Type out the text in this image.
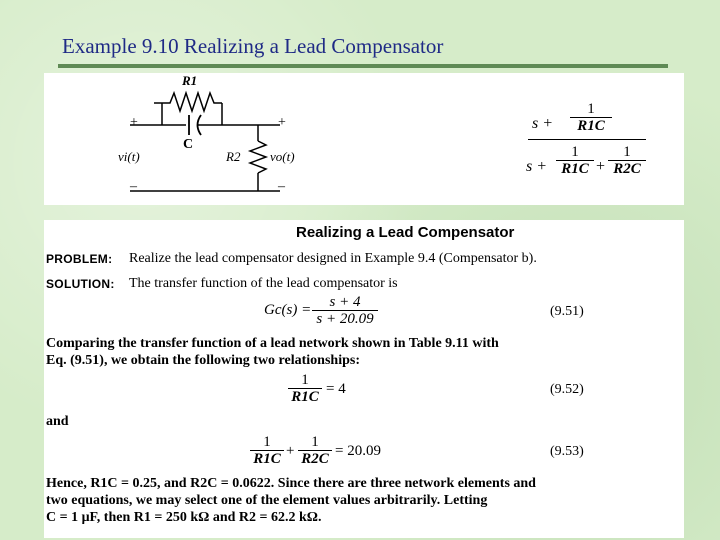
Example 9.10 Realizing a Lead Compensator
R1
C
R2
vi(t)	vo(t)
+	+
–	–
$s + \frac{1}{R1C}$
$s + \frac{1}{R1C} + \frac{1}{R2C}$
Realizing a Lead Compensator
PROBLEM: Realize the lead compensator designed in Example 9.4 (Compensator b).
SOLUTION: The transfer function of the lead compensator is
$Gc(s) = \frac{s + 4}{s + 20.09}$	(9.51)
Comparing the transfer function of a lead network shown in Table 9.11 with
Eq. (9.51), we obtain the following two relationships:
$\frac{1}{R1C} = 4$	(9.52)
and
$\frac{1}{R1C} + \frac{1}{R2C} = 20.09$	(9.53)
Hence, R1C = 0.25, and R2C = 0.0622. Since there are three network elements and
two equations, we may select one of the element values arbitrarily. Letting
C = 1 μF, then R1 = 250 kΩ and R2 = 62.2 kΩ.
